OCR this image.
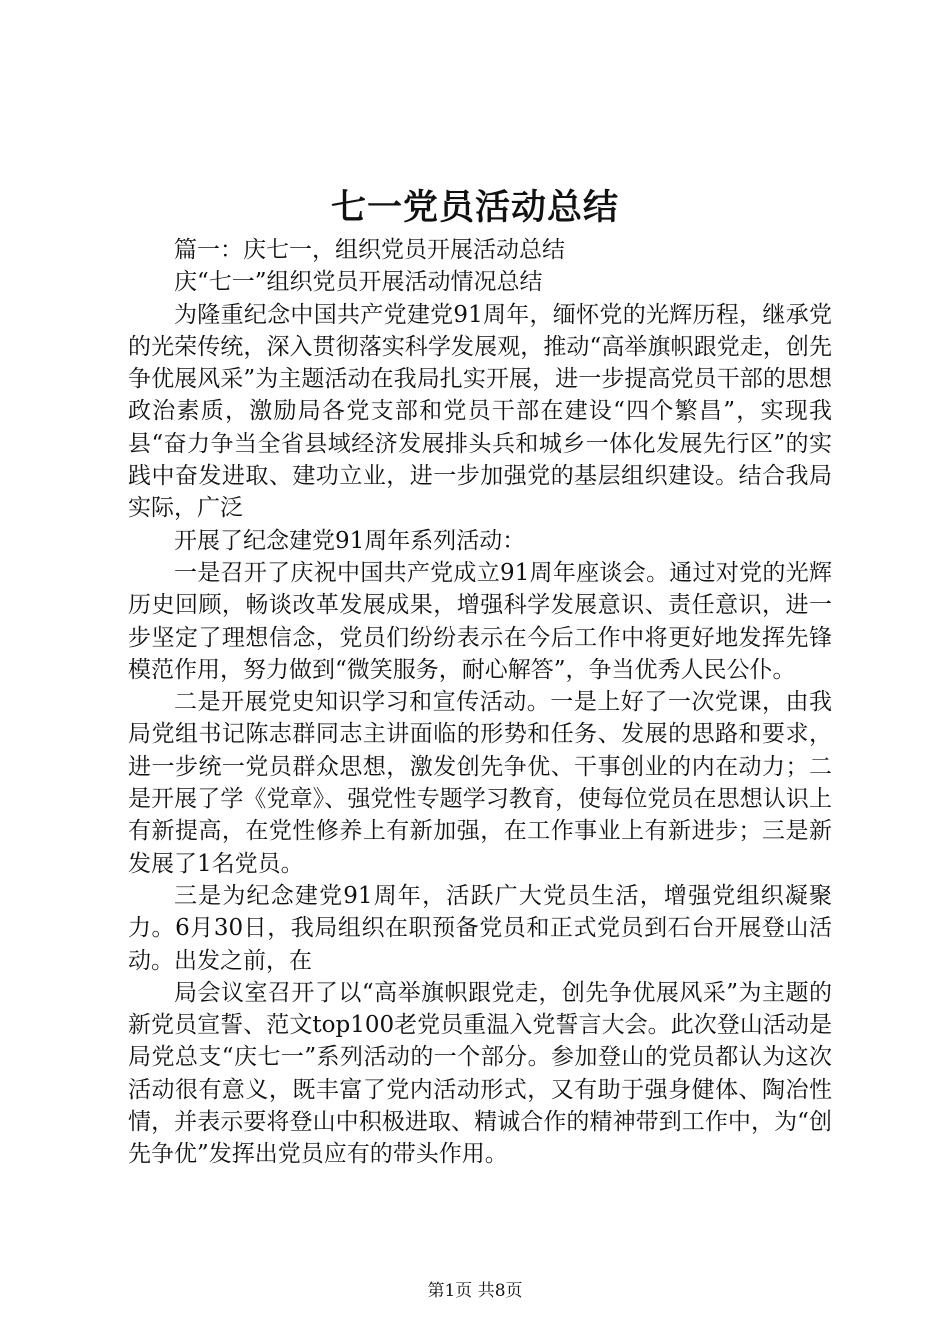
七一党员活动总结

篇一：庆七一，组织党员开展活动总结

庆“七一”组织党员开展活动情况总结

为隆重纪念中国共产党建党91周年，缅怀党的光辉历程，继承党的光荣传统，深入贯彻落实科学发展观，推动“高举旗帜跟党走，创先争优展风采”为主题活动在我局扎实开展，进一步提高党员干部的思想政治素质，激励局各党支部和党员干部在建设“四个繁昌”，实现我县“奋力争当全省县域经济发展排头兵和城乡一体化发展先行区”的实践中奋发进取、建功立业，进一步加强党的基层组织建设。结合我局实际，广泛

开展了纪念建党91周年系列活动：

一是召开了庆祝中国共产党成立91周年座谈会。通过对党的光辉历史回顾，畅谈改革发展成果，增强科学发展意识、责任意识，进一步坚定了理想信念，党员们纷纷表示在今后工作中将更好地发挥先锋模范作用，努力做到“微笑服务，耐心解答”，争当优秀人民公仆。

二是开展党史知识学习和宣传活动。一是上好了一次党课，由我局党组书记陈志群同志主讲面临的形势和任务、发展的思路和要求，进一步统一党员群众思想，激发创先争优、干事创业的内在动力；二是开展了学《党章》、强党性专题学习教育，使每位党员在思想认识上有新提高，在党性修养上有新加强，在工作事业上有新进步；三是新发展了1名党员。

三是为纪念建党91周年，活跃广大党员生活，增强党组织凝聚力。6月30日，我局组织在职预备党员和正式党员到石台开展登山活动。出发之前，在

局会议室召开了以“高举旗帜跟党走，创先争优展风采”为主题的新党员宣誓、范文top100老党员重温入党誓言大会。此次登山活动是局党总支“庆七一”系列活动的一个部分。参加登山的党员都认为这次活动很有意义，既丰富了党内活动形式，又有助于强身健体、陶冶性情，并表示要将登山中积极进取、精诚合作的精神带到工作中，为“创先争优”发挥出党员应有的带头作用。

第1页 共8页
